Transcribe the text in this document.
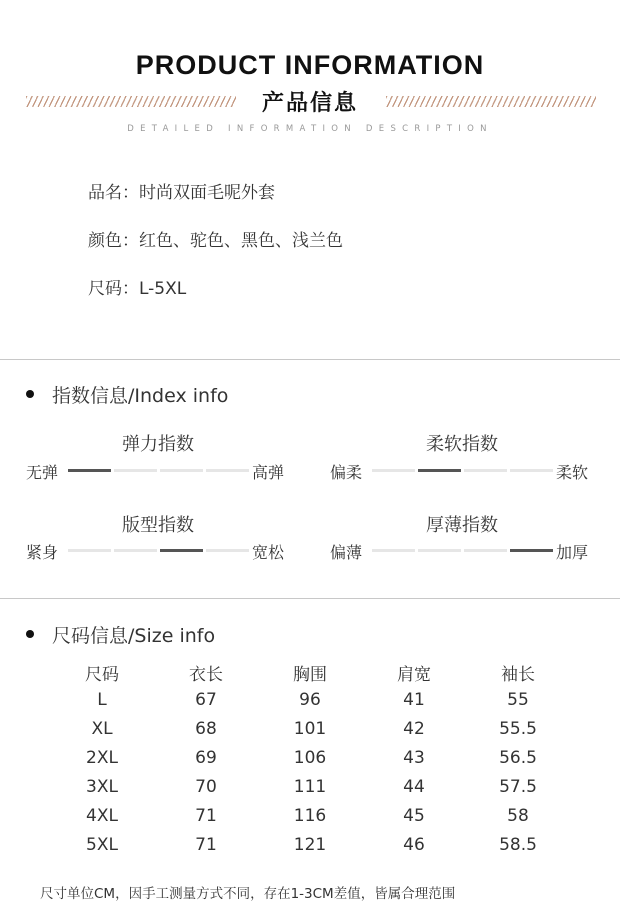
PRODUCT INFORMATION
产品信息
DETAILED INFORMATION DESCRIPTION
品名：时尚双面毛呢外套
颜色：红色、驼色、黑色、浅兰色
尺码：L-5XL
指数信息/Index info
弹力指数
无弹	高弹
柔软指数
偏柔	柔软
版型指数
紧身	宽松
厚薄指数
偏薄	加厚
尺码信息/Size info
尺码	衣长	胸围	肩宽	袖长
L	67	96	41	55
XL	68	101	42	55.5
2XL	69	106	43	56.5
3XL	70	111	44	57.5
4XL	71	116	45	58
5XL	71	121	46	58.5
尺寸单位CM，因手工测量方式不同，存在1-3CM差值，皆属合理范围
